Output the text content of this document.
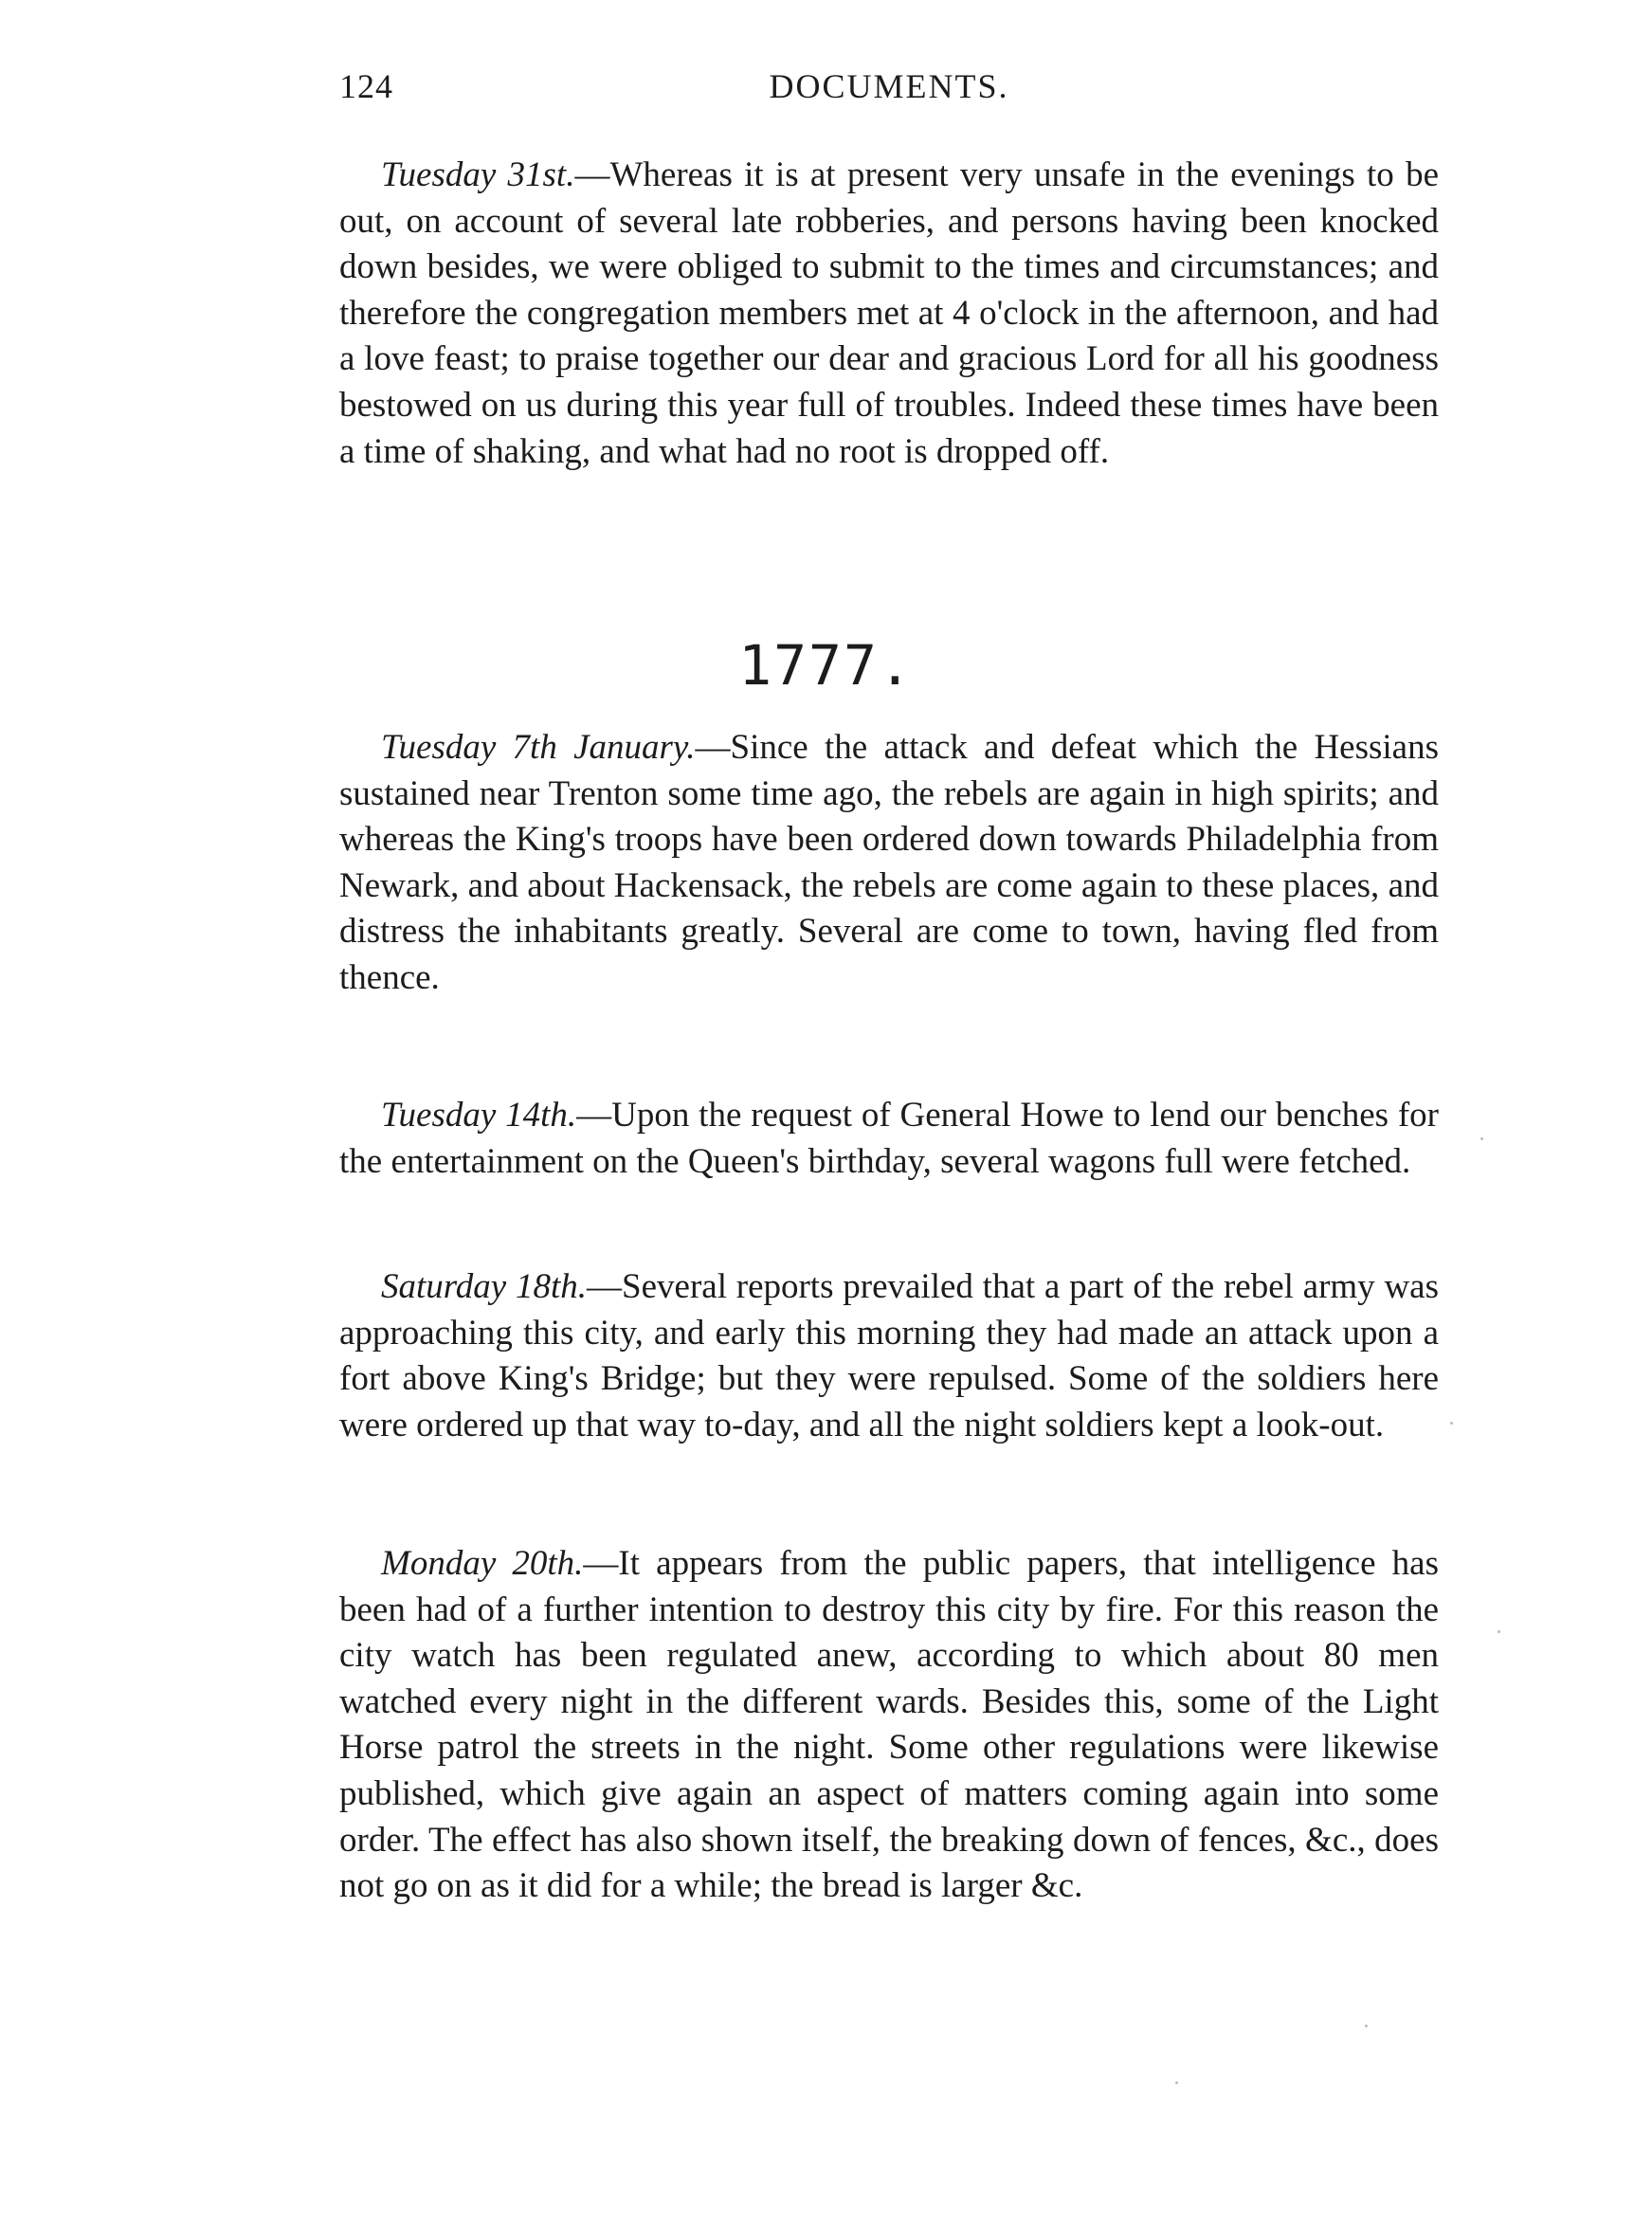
124	DOCUMENTS.

Tuesday 31st.—Whereas it is at present very unsafe in the evenings to be out, on account of several late robberies, and persons having been knocked down besides, we were obliged to submit to the times and circumstances; and therefore the congregation members met at 4 o'clock in the afternoon, and had a love feast; to praise together our dear and gracious Lord for all his goodness bestowed on us during this year full of troubles. Indeed these times have been a time of shaking, and what had no root is dropped off.

1777.

Tuesday 7th January.—Since the attack and defeat which the Hessians sustained near Trenton some time ago, the rebels are again in high spirits; and whereas the King's troops have been ordered down towards Philadelphia from Newark, and about Hackensack, the rebels are come again to these places, and distress the inhabitants greatly. Several are come to town, having fled from thence.

Tuesday 14th.—Upon the request of General Howe to lend our benches for the entertainment on the Queen's birthday, several wagons full were fetched.

Saturday 18th.—Several reports prevailed that a part of the rebel army was approaching this city, and early this morning they had made an attack upon a fort above King's Bridge; but they were repulsed. Some of the soldiers here were ordered up that way to-day, and all the night soldiers kept a look-out.

Monday 20th.—It appears from the public papers, that intelligence has been had of a further intention to destroy this city by fire. For this reason the city watch has been regulated anew, according to which about 80 men watched every night in the different wards. Besides this, some of the Light Horse patrol the streets in the night. Some other regulations were likewise published, which give again an aspect of matters coming again into some order. The effect has also shown itself, the breaking down of fences, &c., does not go on as it did for a while; the bread is larger &c.
